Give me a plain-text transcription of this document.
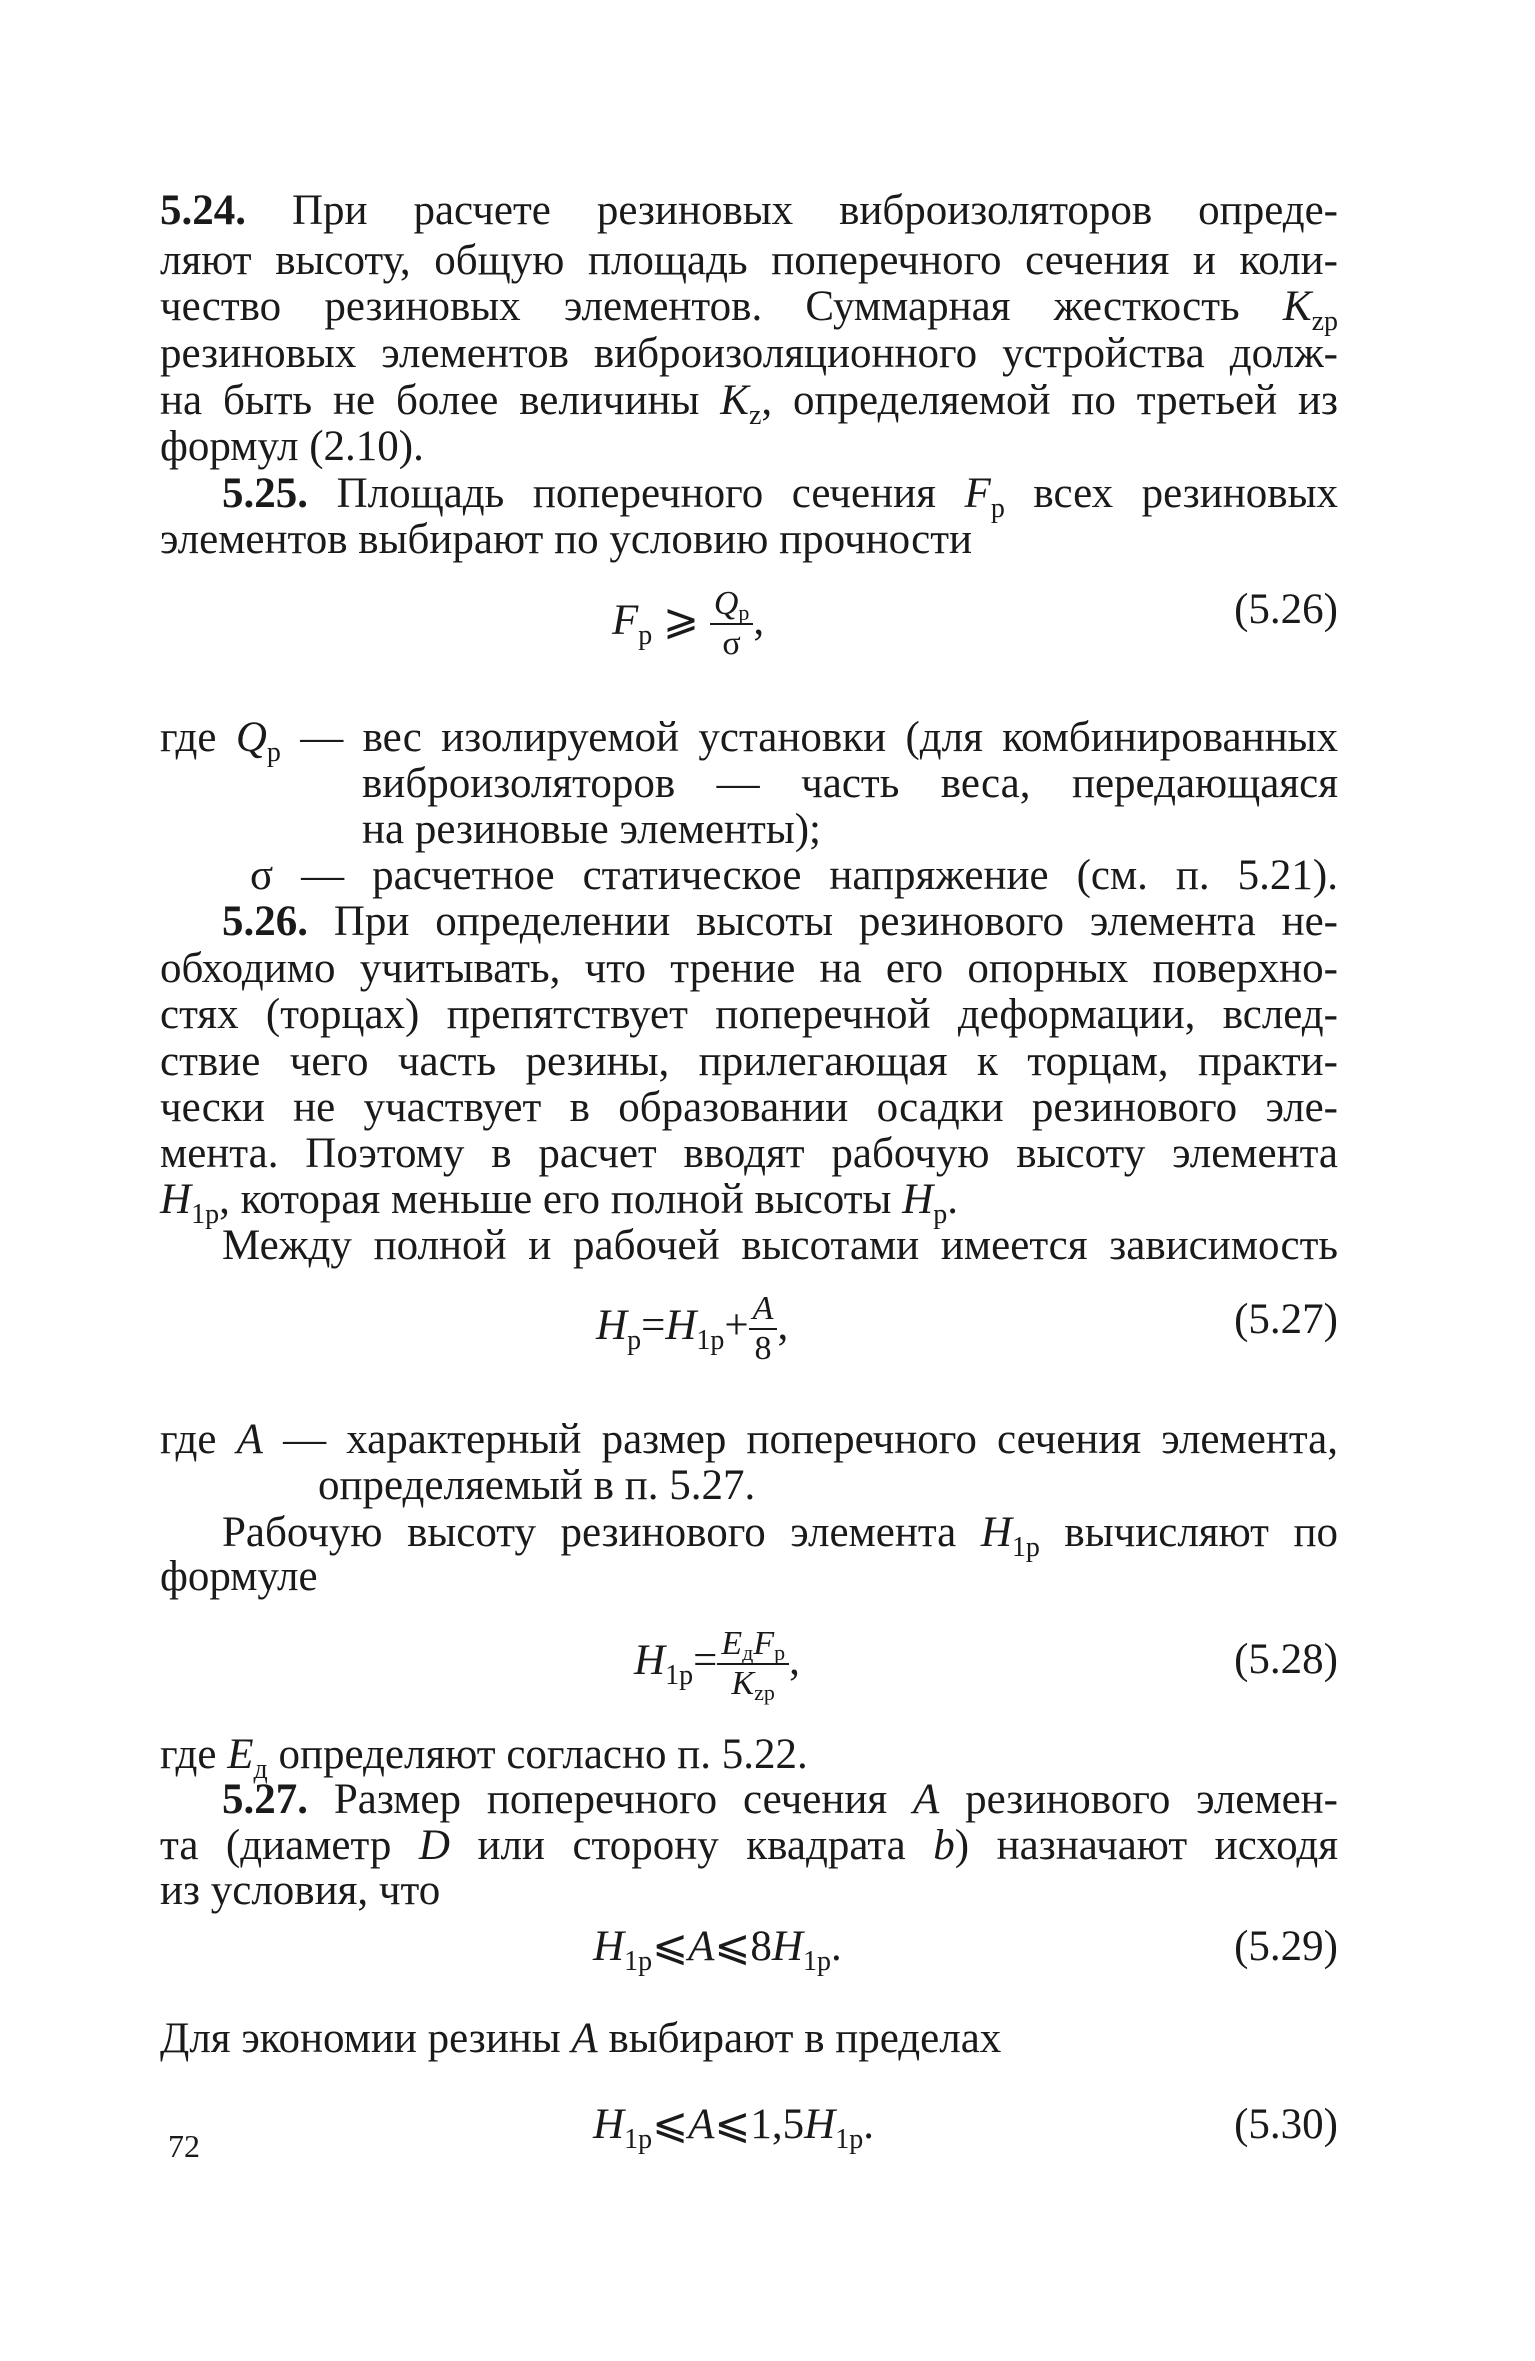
5.24. При расчете резиновых виброизоляторов опреде-
ляют высоту, общую площадь поперечного сечения и коли-
чество резиновых элементов. Суммарная жесткость $K_{zp}$
резиновых элементов виброизоляционного устройства долж-
на быть не более величины $K_z$, определяемой по третьей из
формул (2.10).
5.25. Площадь поперечного сечения $F_p$ всех резиновых
элементов выбирают по условию прочности
$F_p$ ⩾ $\frac{Q_p}{\sigma}$ ,	(5.26)
где $Q_p$ — вес изолируемой установки (для комбинированных
виброизоляторов — часть веса, передающаяся
на резиновые элементы);
σ — расчетное статическое напряжение (см. п. 5.21).
5.26. При определении высоты резинового элемента не-
обходимо учитывать, что трение на его опорных поверхно-
стях (торцах) препятствует поперечной деформации, вслед-
ствие чего часть резины, прилегающая к торцам, практи-
чески не участвует в образовании осадки резинового эле-
мента. Поэтому в расчет вводят рабочую высоту элемента
$H_{1p}$, которая меньше его полной высоты $H_p$.
Между полной и рабочей высотами имеется зависимость
$H_p=H_{1p}+ \frac{A}{8}$ ,	(5.27)
где A — характерный размер поперечного сечения элемента,
определяемый в п. 5.27.
Рабочую высоту резинового элемента $H_{1p}$ вычисляют по
формуле
$H_{1p}= \frac{E_дF_p}{K_{zp}}$ ,	(5.28)
где $E_д$ определяют согласно п. 5.22.
5.27. Размер поперечного сечения A резинового элемен-
та (диаметр D или сторону квадрата b) назначают исходя
из условия, что
$H_{1p}⩽A⩽8H_{1p}$.	(5.29)
Для экономии резины A выбирают в пределах
$H_{1p}⩽A⩽1,5H_{1p}$.	(5.30)
72
